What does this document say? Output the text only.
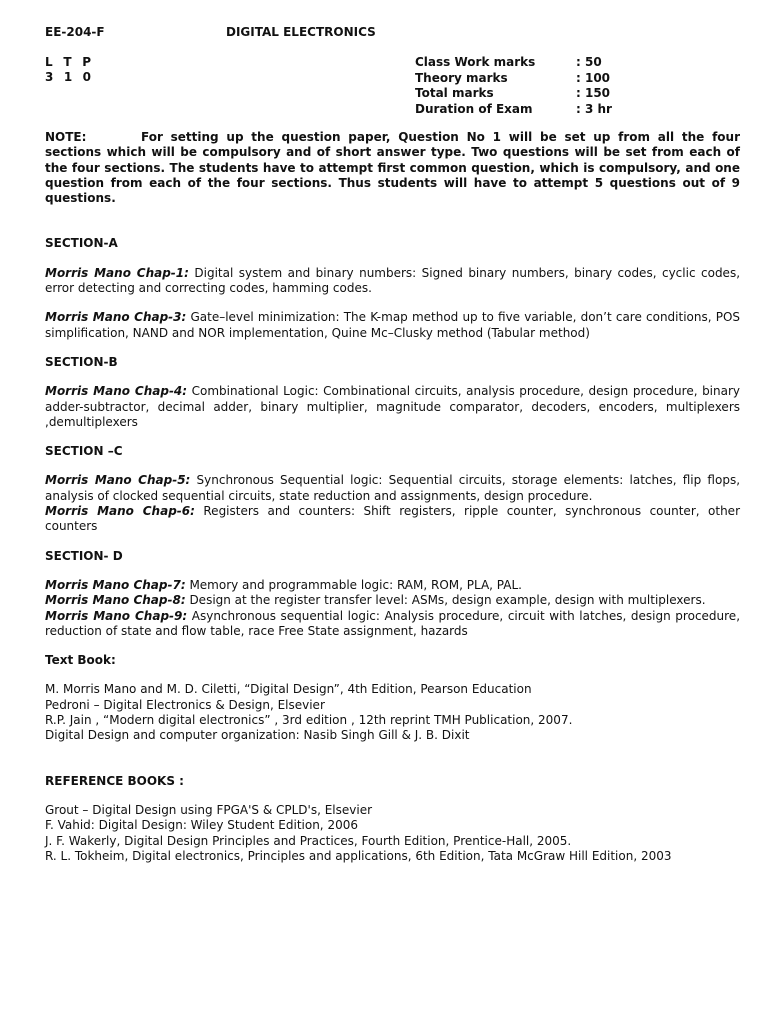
EE-204-F	DIGITAL ELECTRONICS
L T P
3 1 0
Class Work marks	: 50
Theory marks	: 100
Total marks	: 150
Duration of Exam	: 3 hr
NOTE:	For setting up the question paper, Question No 1 will be set up from all the four sections which will be compulsory and of short answer type. Two questions will be set from each of the four sections. The students have to attempt first common question, which is compulsory, and one question from each of the four sections. Thus students will have to attempt 5 questions out of 9 questions.
SECTION-A
Morris Mano Chap-1: Digital system and binary numbers: Signed binary numbers, binary codes, cyclic codes, error detecting and correcting codes, hamming codes.
Morris Mano Chap-3: Gate–level minimization: The K-map method up to five variable, don’t care conditions, POS simplification, NAND and NOR implementation, Quine Mc–Clusky method (Tabular method)
SECTION-B
Morris Mano Chap-4: Combinational Logic: Combinational circuits, analysis procedure, design procedure, binary adder-subtractor, decimal adder, binary multiplier, magnitude comparator, decoders, encoders, multiplexers ,demultiplexers
SECTION –C
Morris Mano Chap-5: Synchronous Sequential logic: Sequential circuits, storage elements: latches, flip flops, analysis of clocked sequential circuits, state reduction and assignments, design procedure.
Morris Mano Chap-6: Registers and counters: Shift registers, ripple counter, synchronous counter, other counters
SECTION- D
Morris Mano Chap-7: Memory and programmable logic: RAM, ROM, PLA, PAL.
Morris Mano Chap-8: Design at the register transfer level: ASMs, design example, design with multiplexers.
Morris Mano Chap-9: Asynchronous sequential logic: Analysis procedure, circuit with latches, design procedure, reduction of state and flow table, race Free State assignment, hazards
Text Book:
M. Morris Mano and M. D. Ciletti, “Digital Design”, 4th Edition, Pearson Education
Pedroni – Digital Electronics & Design, Elsevier
R.P. Jain , “Modern digital electronics” , 3rd edition , 12th reprint TMH Publication, 2007.
Digital Design and computer organization: Nasib Singh Gill & J. B. Dixit
REFERENCE BOOKS :
Grout – Digital Design using FPGA'S & CPLD's, Elsevier
F. Vahid: Digital Design: Wiley Student Edition, 2006
J. F. Wakerly, Digital Design Principles and Practices, Fourth Edition, Prentice-Hall, 2005.
R. L. Tokheim, Digital electronics, Principles and applications, 6th Edition, Tata McGraw Hill Edition, 2003
